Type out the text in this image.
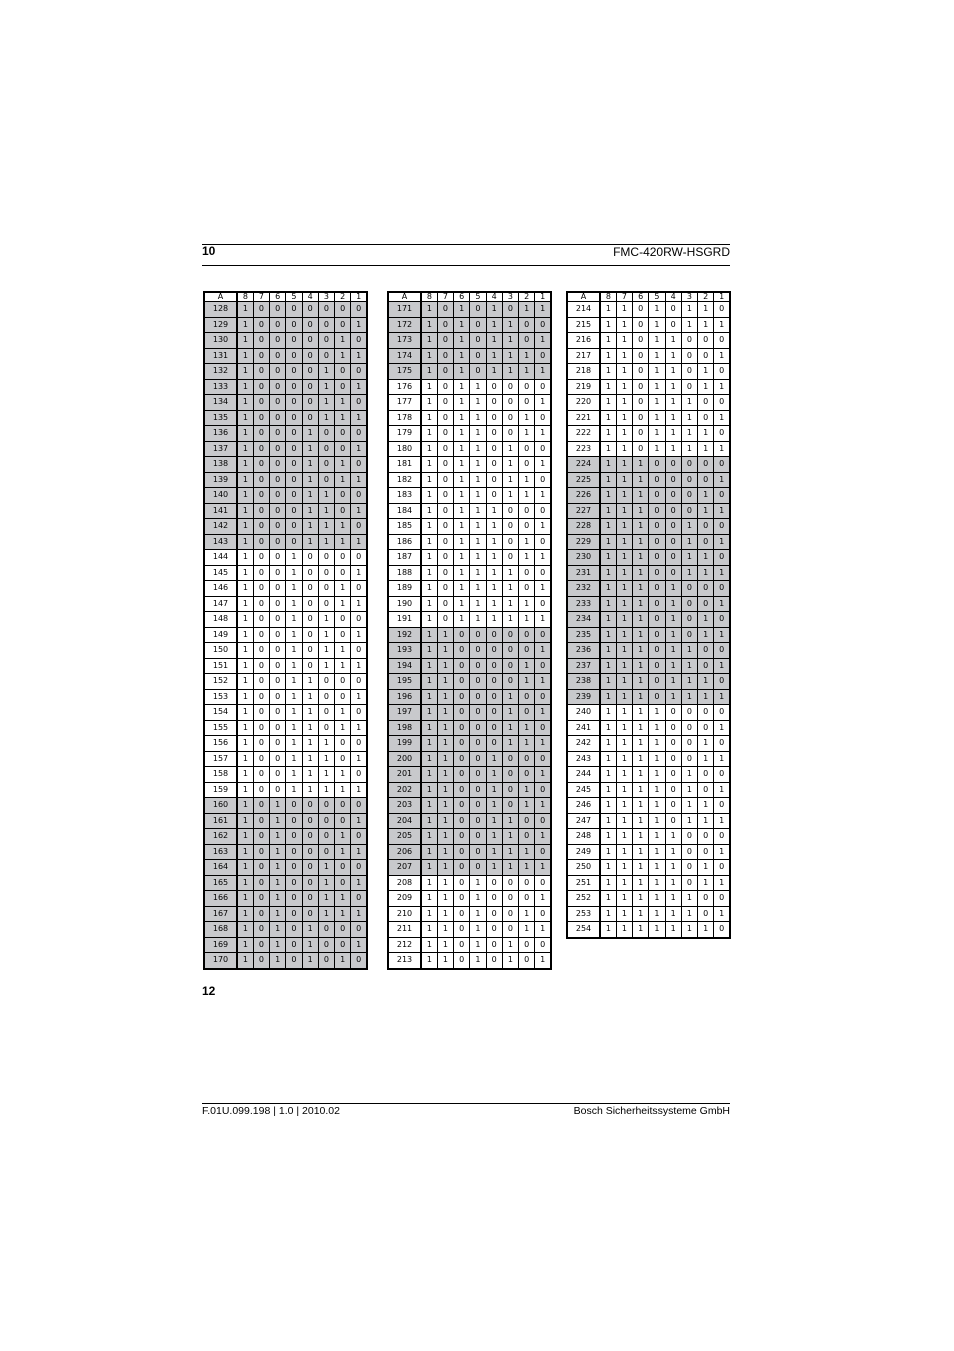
10	FMC-420RW-HSGRD
A	8	7	6	5	4	3	2	1
128	1	0	0	0	0	0	0	0
129	1	0	0	0	0	0	0	1
130	1	0	0	0	0	0	1	0
131	1	0	0	0	0	0	1	1
132	1	0	0	0	0	1	0	0
133	1	0	0	0	0	1	0	1
134	1	0	0	0	0	1	1	0
135	1	0	0	0	0	1	1	1
136	1	0	0	0	1	0	0	0
137	1	0	0	0	1	0	0	1
138	1	0	0	0	1	0	1	0
139	1	0	0	0	1	0	1	1
140	1	0	0	0	1	1	0	0
141	1	0	0	0	1	1	0	1
142	1	0	0	0	1	1	1	0
143	1	0	0	0	1	1	1	1
144	1	0	0	1	0	0	0	0
145	1	0	0	1	0	0	0	1
146	1	0	0	1	0	0	1	0
147	1	0	0	1	0	0	1	1
148	1	0	0	1	0	1	0	0
149	1	0	0	1	0	1	0	1
150	1	0	0	1	0	1	1	0
151	1	0	0	1	0	1	1	1
152	1	0	0	1	1	0	0	0
153	1	0	0	1	1	0	0	1
154	1	0	0	1	1	0	1	0
155	1	0	0	1	1	0	1	1
156	1	0	0	1	1	1	0	0
157	1	0	0	1	1	1	0	1
158	1	0	0	1	1	1	1	0
159	1	0	0	1	1	1	1	1
160	1	0	1	0	0	0	0	0
161	1	0	1	0	0	0	0	1
162	1	0	1	0	0	0	1	0
163	1	0	1	0	0	0	1	1
164	1	0	1	0	0	1	0	0
165	1	0	1	0	0	1	0	1
166	1	0	1	0	0	1	1	0
167	1	0	1	0	0	1	1	1
168	1	0	1	0	1	0	0	0
169	1	0	1	0	1	0	0	1
170	1	0	1	0	1	0	1	0
A	8	7	6	5	4	3	2	1
171	1	0	1	0	1	0	1	1
172	1	0	1	0	1	1	0	0
173	1	0	1	0	1	1	0	1
174	1	0	1	0	1	1	1	0
175	1	0	1	0	1	1	1	1
176	1	0	1	1	0	0	0	0
177	1	0	1	1	0	0	0	1
178	1	0	1	1	0	0	1	0
179	1	0	1	1	0	0	1	1
180	1	0	1	1	0	1	0	0
181	1	0	1	1	0	1	0	1
182	1	0	1	1	0	1	1	0
183	1	0	1	1	0	1	1	1
184	1	0	1	1	1	0	0	0
185	1	0	1	1	1	0	0	1
186	1	0	1	1	1	0	1	0
187	1	0	1	1	1	0	1	1
188	1	0	1	1	1	1	0	0
189	1	0	1	1	1	1	0	1
190	1	0	1	1	1	1	1	0
191	1	0	1	1	1	1	1	1
192	1	1	0	0	0	0	0	0
193	1	1	0	0	0	0	0	1
194	1	1	0	0	0	0	1	0
195	1	1	0	0	0	0	1	1
196	1	1	0	0	0	1	0	0
197	1	1	0	0	0	1	0	1
198	1	1	0	0	0	1	1	0
199	1	1	0	0	0	1	1	1
200	1	1	0	0	1	0	0	0
201	1	1	0	0	1	0	0	1
202	1	1	0	0	1	0	1	0
203	1	1	0	0	1	0	1	1
204	1	1	0	0	1	1	0	0
205	1	1	0	0	1	1	0	1
206	1	1	0	0	1	1	1	0
207	1	1	0	0	1	1	1	1
208	1	1	0	1	0	0	0	0
209	1	1	0	1	0	0	0	1
210	1	1	0	1	0	0	1	0
211	1	1	0	1	0	0	1	1
212	1	1	0	1	0	1	0	0
213	1	1	0	1	0	1	0	1
A	8	7	6	5	4	3	2	1
214	1	1	0	1	0	1	1	0
215	1	1	0	1	0	1	1	1
216	1	1	0	1	1	0	0	0
217	1	1	0	1	1	0	0	1
218	1	1	0	1	1	0	1	0
219	1	1	0	1	1	0	1	1
220	1	1	0	1	1	1	0	0
221	1	1	0	1	1	1	0	1
222	1	1	0	1	1	1	1	0
223	1	1	0	1	1	1	1	1
224	1	1	1	0	0	0	0	0
225	1	1	1	0	0	0	0	1
226	1	1	1	0	0	0	1	0
227	1	1	1	0	0	0	1	1
228	1	1	1	0	0	1	0	0
229	1	1	1	0	0	1	0	1
230	1	1	1	0	0	1	1	0
231	1	1	1	0	0	1	1	1
232	1	1	1	0	1	0	0	0
233	1	1	1	0	1	0	0	1
234	1	1	1	0	1	0	1	0
235	1	1	1	0	1	0	1	1
236	1	1	1	0	1	1	0	0
237	1	1	1	0	1	1	0	1
238	1	1	1	0	1	1	1	0
239	1	1	1	0	1	1	1	1
240	1	1	1	1	0	0	0	0
241	1	1	1	1	0	0	0	1
242	1	1	1	1	0	0	1	0
243	1	1	1	1	0	0	1	1
244	1	1	1	1	0	1	0	0
245	1	1	1	1	0	1	0	1
246	1	1	1	1	0	1	1	0
247	1	1	1	1	0	1	1	1
248	1	1	1	1	1	0	0	0
249	1	1	1	1	1	0	0	1
250	1	1	1	1	1	0	1	0
251	1	1	1	1	1	0	1	1
252	1	1	1	1	1	1	0	0
253	1	1	1	1	1	1	0	1
254	1	1	1	1	1	1	1	0
12
F.01U.099.198 | 1.0 | 2010.02	Bosch Sicherheitssysteme GmbH
